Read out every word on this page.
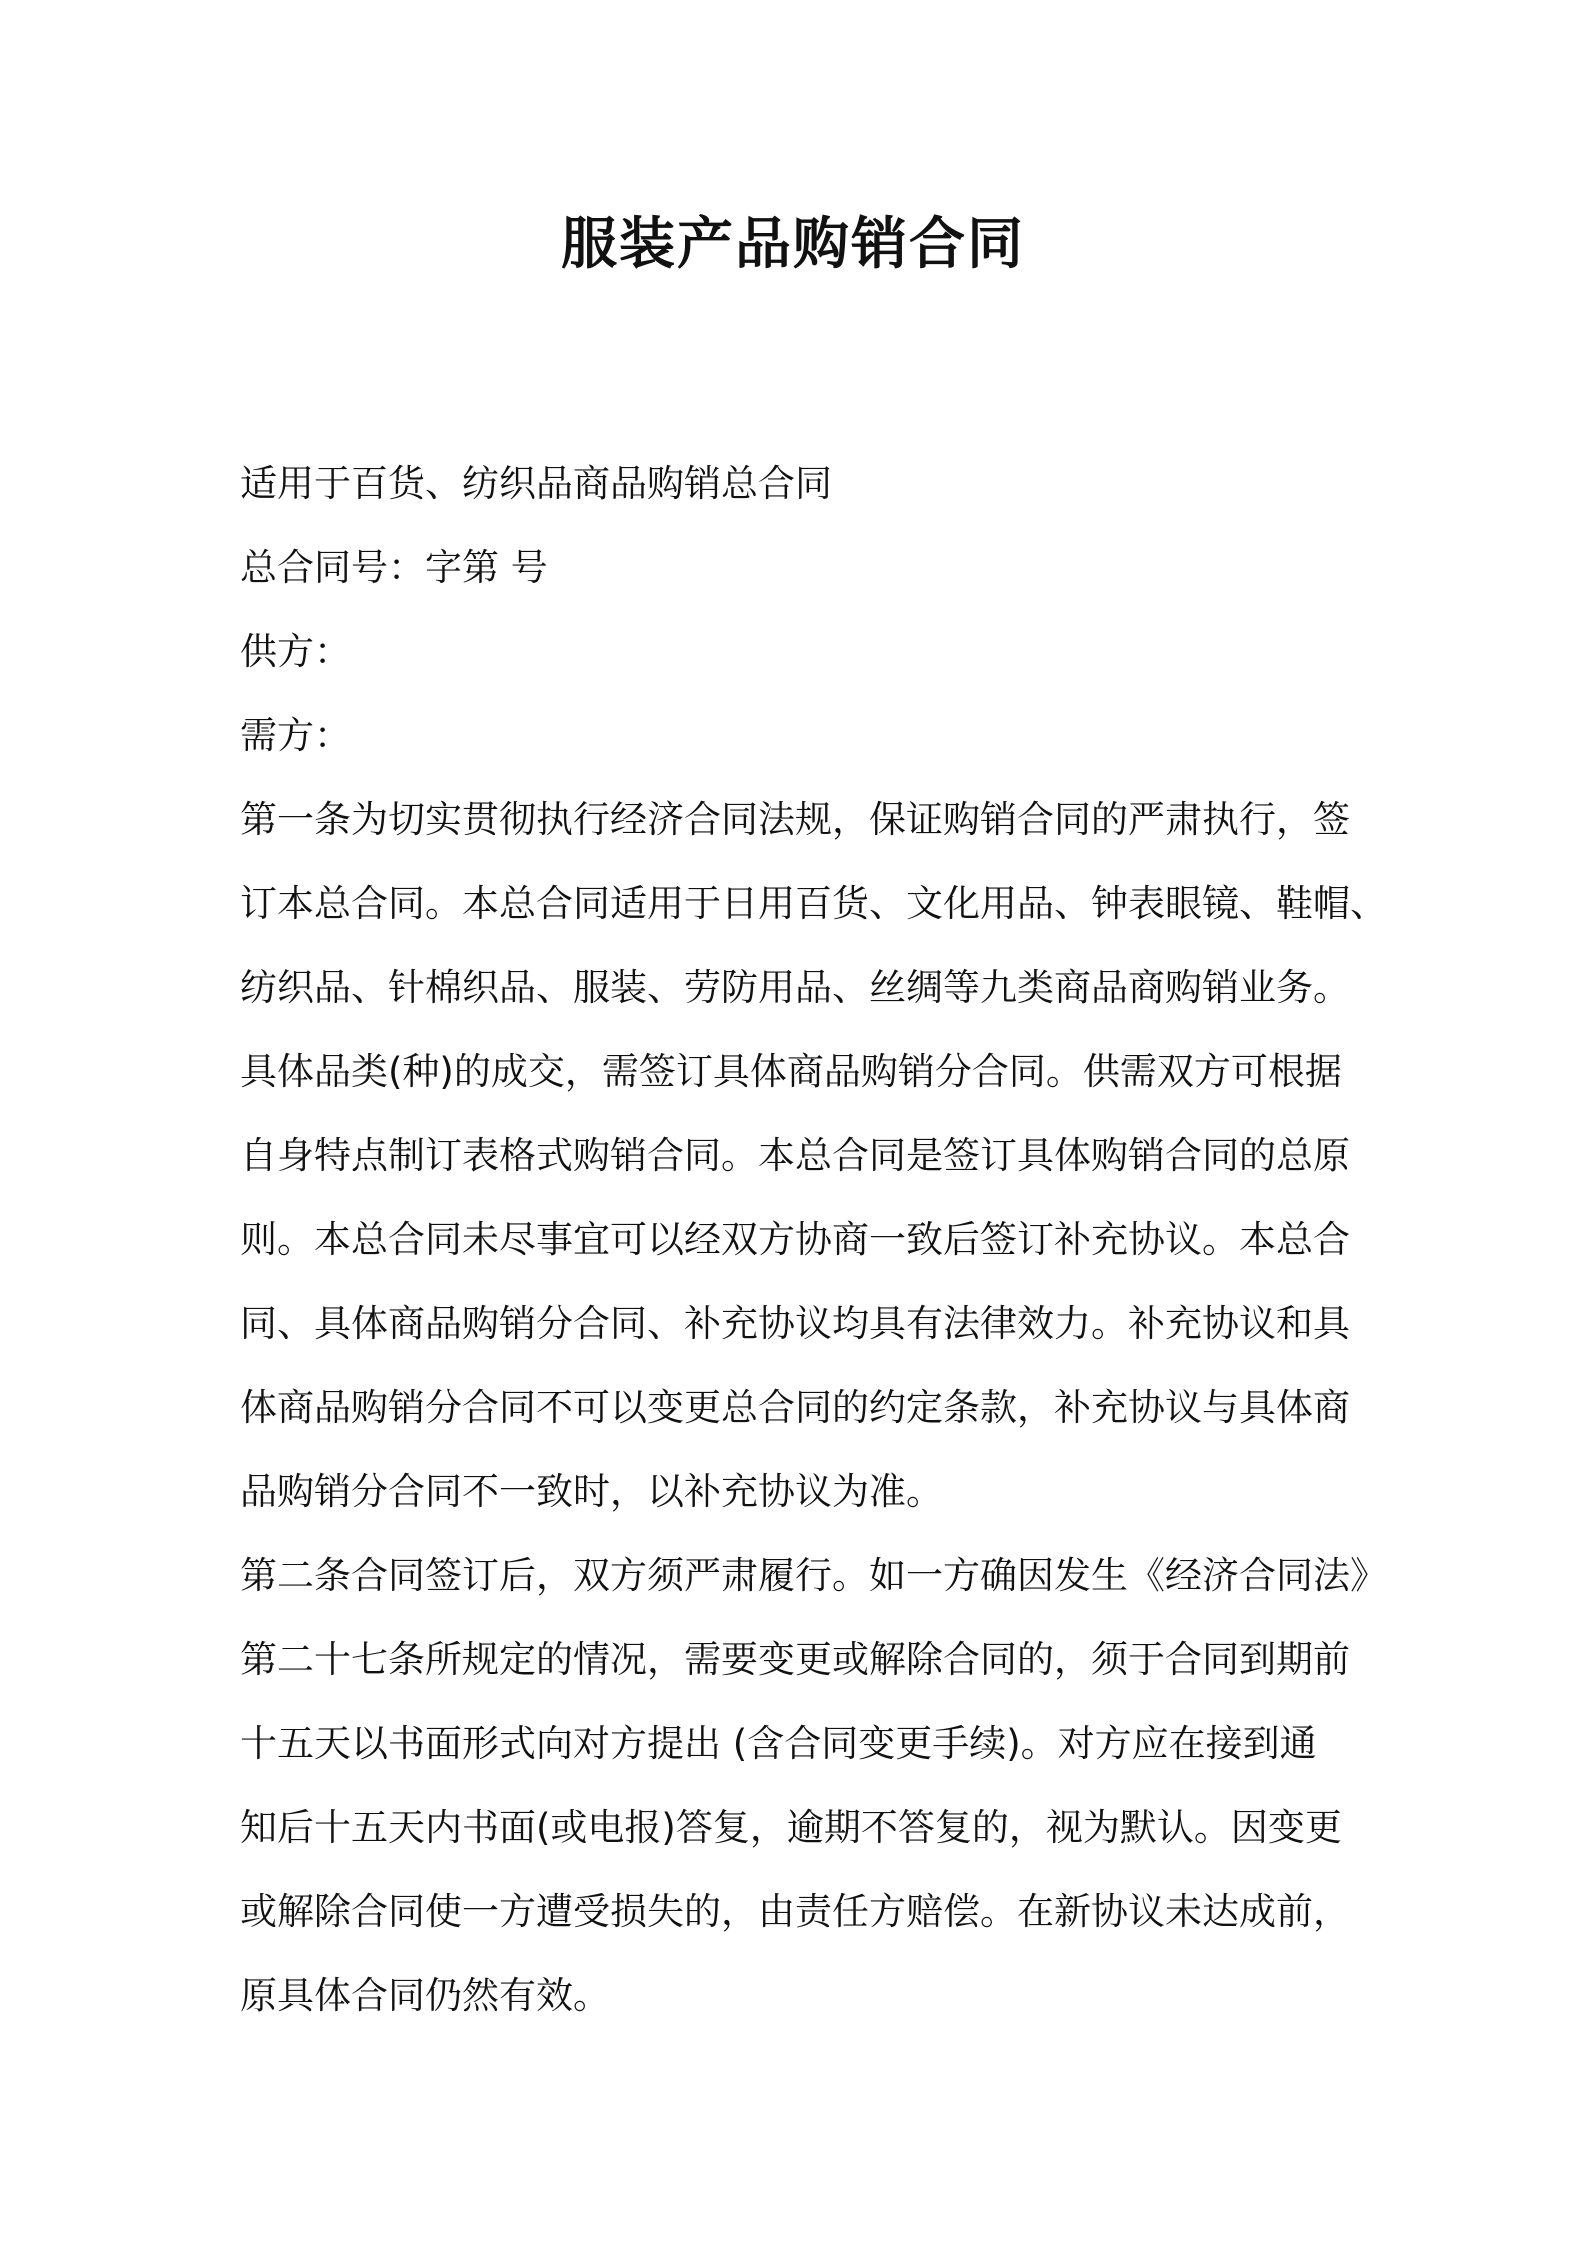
服装产品购销合同
适用于百货、纺织品商品购销总合同
总合同号：字第 号
供方：
需方：
第一条为切实贯彻执行经济合同法规，保证购销合同的严肃执行，签
订本总合同。本总合同适用于日用百货、文化用品、钟表眼镜、鞋帽、
纺织品、针棉织品、服装、劳防用品、丝绸等九类商品商购销业务。
具体品类(种)的成交，需签订具体商品购销分合同。供需双方可根据
自身特点制订表格式购销合同。本总合同是签订具体购销合同的总原
则。本总合同未尽事宜可以经双方协商一致后签订补充协议。本总合
同、具体商品购销分合同、补充协议均具有法律效力。补充协议和具
体商品购销分合同不可以变更总合同的约定条款，补充协议与具体商
品购销分合同不一致时，以补充协议为准。
第二条合同签订后，双方须严肃履行。如一方确因发生《经济合同法》
第二十七条所规定的情况，需要变更或解除合同的，须于合同到期前
十五天以书面形式向对方提出 (含合同变更手续)。对方应在接到通
知后十五天内书面(或电报)答复，逾期不答复的，视为默认。因变更
或解除合同使一方遭受损失的，由责任方赔偿。在新协议未达成前，
原具体合同仍然有效。
